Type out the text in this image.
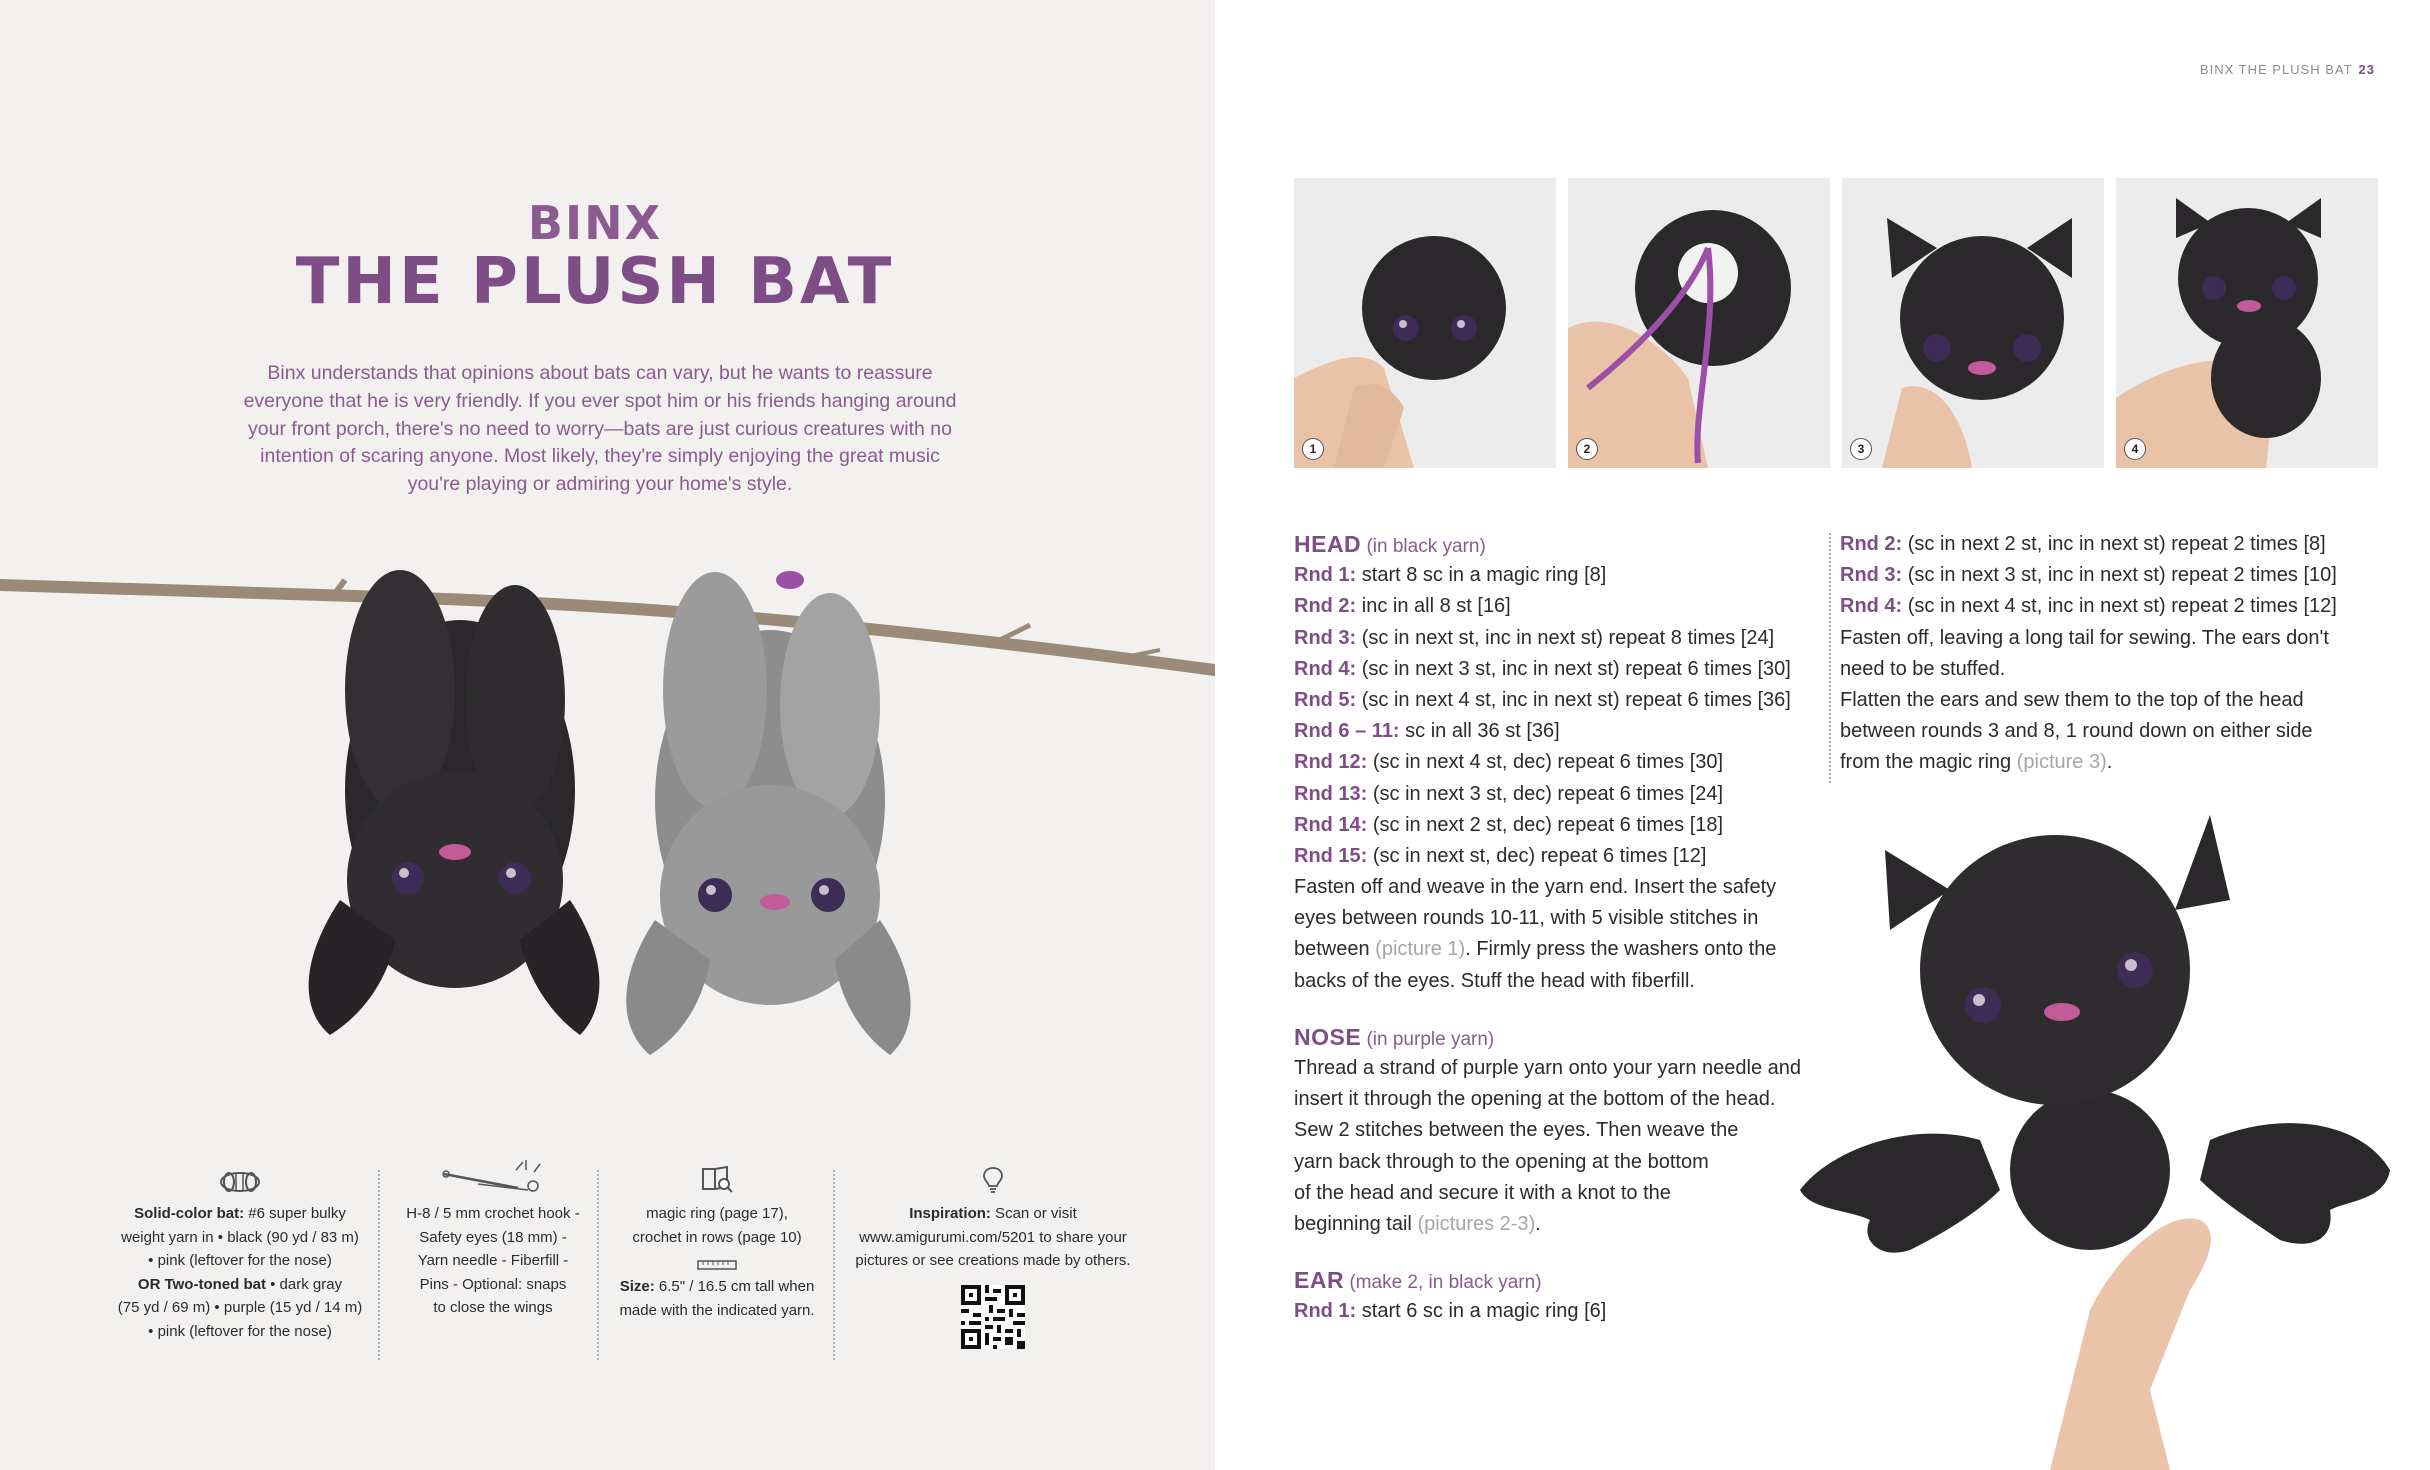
BINX
THE PLUSH BAT
Binx understands that opinions about bats can vary, but he wants to reassure everyone that he is very friendly. If you ever spot him or his friends hanging around your front porch, there's no need to worry—bats are just curious creatures with no intention of scaring anyone. Most likely, they're simply enjoying the great music you're playing or admiring your home's style.
Solid-color bat: #6 super bulky
weight yarn in • black (90 yd / 83 m)
• pink (leftover for the nose)
OR Two-toned bat • dark gray
(75 yd / 69 m) • purple (15 yd / 14 m)
• pink (leftover for the nose)
H-8 / 5 mm crochet hook -
Safety eyes (18 mm) -
Yarn needle - Fiberfill -
Pins - Optional: snaps
to close the wings
magic ring (page 17),
crochet in rows (page 10)
Size: 6.5" / 16.5 cm tall when
made with the indicated yarn.
Inspiration: Scan or visit
www.amigurumi.com/5201 to share your
pictures or see creations made by others.
BINX THE PLUSH BAT 23
1	2	3	4
HEAD (in black yarn)
Rnd 1: start 8 sc in a magic ring [8]
Rnd 2: inc in all 8 st [16]
Rnd 3: (sc in next st, inc in next st) repeat 8 times [24]
Rnd 4: (sc in next 3 st, inc in next st) repeat 6 times [30]
Rnd 5: (sc in next 4 st, inc in next st) repeat 6 times [36]
Rnd 6 – 11: sc in all 36 st [36]
Rnd 12: (sc in next 4 st, dec) repeat 6 times [30]
Rnd 13: (sc in next 3 st, dec) repeat 6 times [24]
Rnd 14: (sc in next 2 st, dec) repeat 6 times [18]
Rnd 15: (sc in next st, dec) repeat 6 times [12]
Fasten off and weave in the yarn end. Insert the safety
eyes between rounds 10-11, with 5 visible stitches in
between (picture 1). Firmly press the washers onto the
backs of the eyes. Stuff the head with fiberfill.
NOSE (in purple yarn)
Thread a strand of purple yarn onto your yarn needle and
insert it through the opening at the bottom of the head.
Sew 2 stitches between the eyes. Then weave the
yarn back through to the opening at the bottom
of the head and secure it with a knot to the
beginning tail (pictures 2-3).
EAR (make 2, in black yarn)
Rnd 1: start 6 sc in a magic ring [6]
Rnd 2: (sc in next 2 st, inc in next st) repeat 2 times [8]
Rnd 3: (sc in next 3 st, inc in next st) repeat 2 times [10]
Rnd 4: (sc in next 4 st, inc in next st) repeat 2 times [12]
Fasten off, leaving a long tail for sewing. The ears don't
need to be stuffed.
Flatten the ears and sew them to the top of the head
between rounds 3 and 8, 1 round down on either side
from the magic ring (picture 3).
